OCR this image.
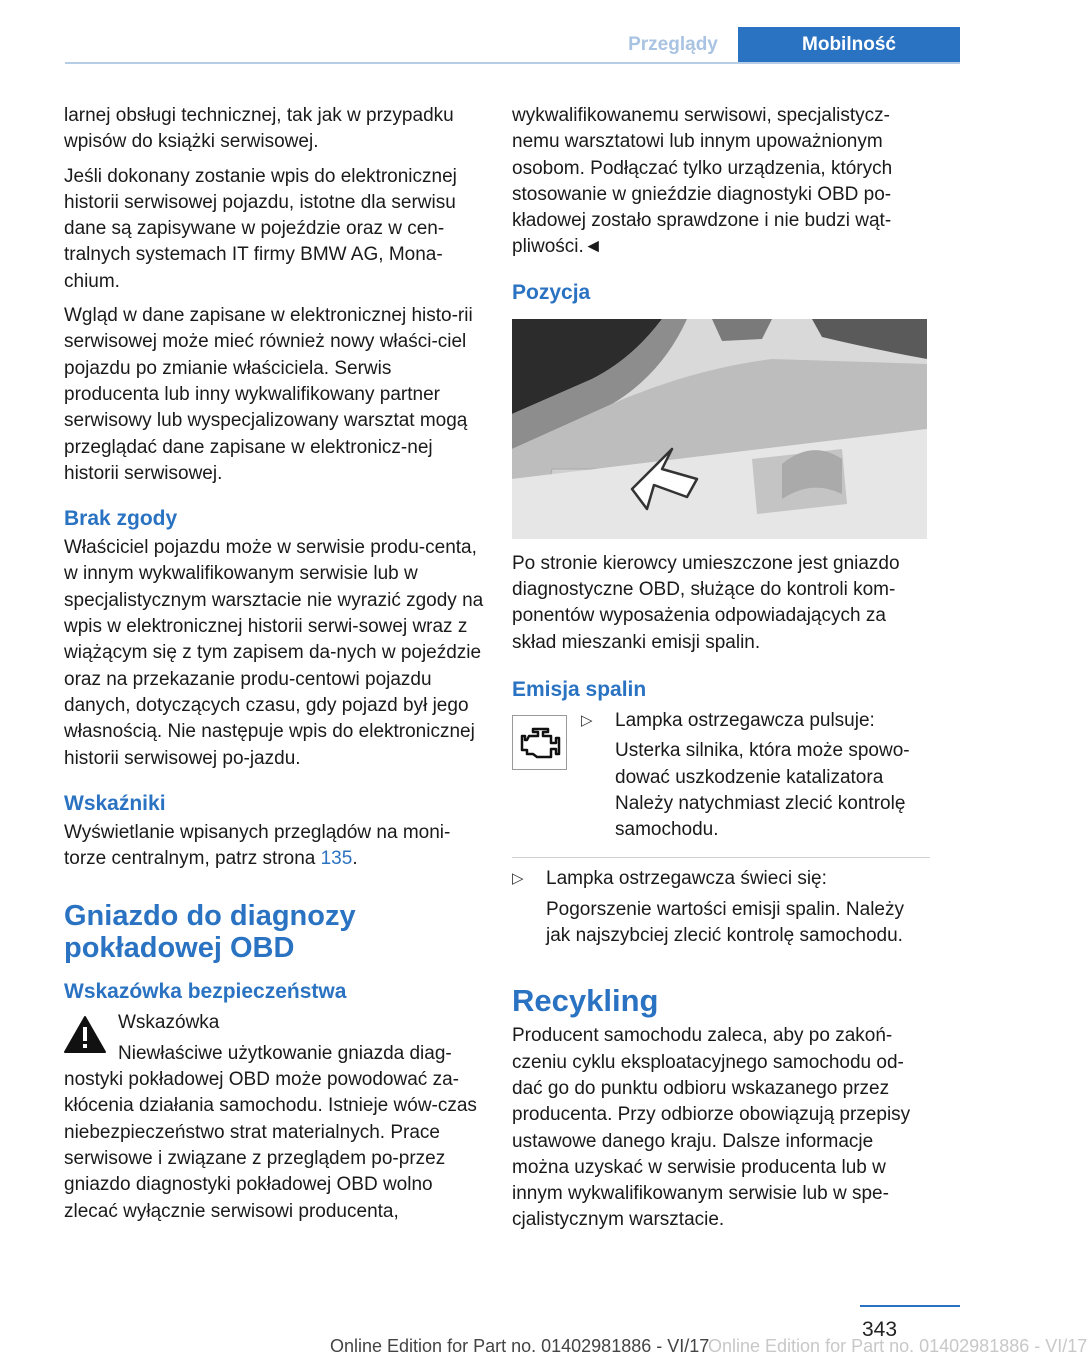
Przeglądy	Mobilność

larnej obsługi technicznej, tak jak w przypadku wpisów do książki serwisowej.

Jeśli dokonany zostanie wpis do elektronicznej historii serwisowej pojazdu, istotne dla serwisu dane są zapisywane w pojeździe oraz w cen-tralnych systemach IT firmy BMW AG, Mona-chium.

Wgląd w dane zapisane w elektronicznej histo-rii serwisowej może mieć również nowy właści-ciel pojazdu po zmianie właściciela. Serwis producenta lub inny wykwalifikowany partner serwisowy lub wyspecjalizowany warsztat mogą przeglądać dane zapisane w elektronicz-nej historii serwisowej.

Brak zgody

Właściciel pojazdu może w serwisie produ-centa, w innym wykwalifikowanym serwisie lub w specjalistycznym warsztacie nie wyrazić zgody na wpis w elektronicznej historii serwi-sowej wraz z wiążącym się z tym zapisem da-nych w pojeździe oraz na przekazanie produ-centowi pojazdu danych, dotyczących czasu, gdy pojazd był jego własnością. Nie następuje wpis do elektronicznej historii serwisowej po-jazdu.

Wskaźniki

Wyświetlanie wpisanych przeglądów na moni-torze centralnym, patrz strona 135.

Gniazdo do diagnozy pokładowej OBD
Wskazówka bezpieczeństwa

Wskazówka

Niewłaściwe użytkowanie gniazda diag-

nostyki pokładowej OBD może powodować za-kłócenia działania samochodu. Istnieje wów-czas niebezpieczeństwo strat materialnych. Prace serwisowe i związane z przeglądem po-przez gniazdo diagnostyki pokładowej OBD wolno zlecać wyłącznie serwisowi producenta,

wykwalifikowanemu serwisowi, specjalistycz-nemu warsztatowi lub innym upoważnionym osobom. Podłączać tylko urządzenia, których stosowanie w gnieździe diagnostyki OBD po-kładowej zostało sprawdzone i nie budzi wąt-pliwości.◄

Pozycja

Po stronie kierowcy umieszczone jest gniazdo diagnostyczne OBD, służące do kontroli kom-ponentów wyposażenia odpowiadających za skład mieszanki emisji spalin.

Emisja spalin
▷ Lampka ostrzegawcza pulsuje:

Usterka silnika, która może spowo-dować uszkodzenie katalizatora Należy natychmiast zlecić kontrolę samochodu.

▷ Lampka ostrzegawcza świeci się:

Pogorszenie wartości emisji spalin. Należy jak najszybciej zlecić kontrolę samochodu.

Recykling

Producent samochodu zaleca, aby po zakoń-czeniu cyklu eksploatacyjnego samochodu od-dać go do punktu odbioru wskazanego przez producenta. Przy odbiorze obowiązują przepisy ustawowe danego kraju. Dalsze informacje można uzyskać w serwisie producenta lub w innym wykwalifikowanym serwisie lub w spe-cjalistycznym warsztacie.

343
Online Edition for Part no. 01402981886 - VI/17
Online Edition for Part no. 01402981886 - VI/17
